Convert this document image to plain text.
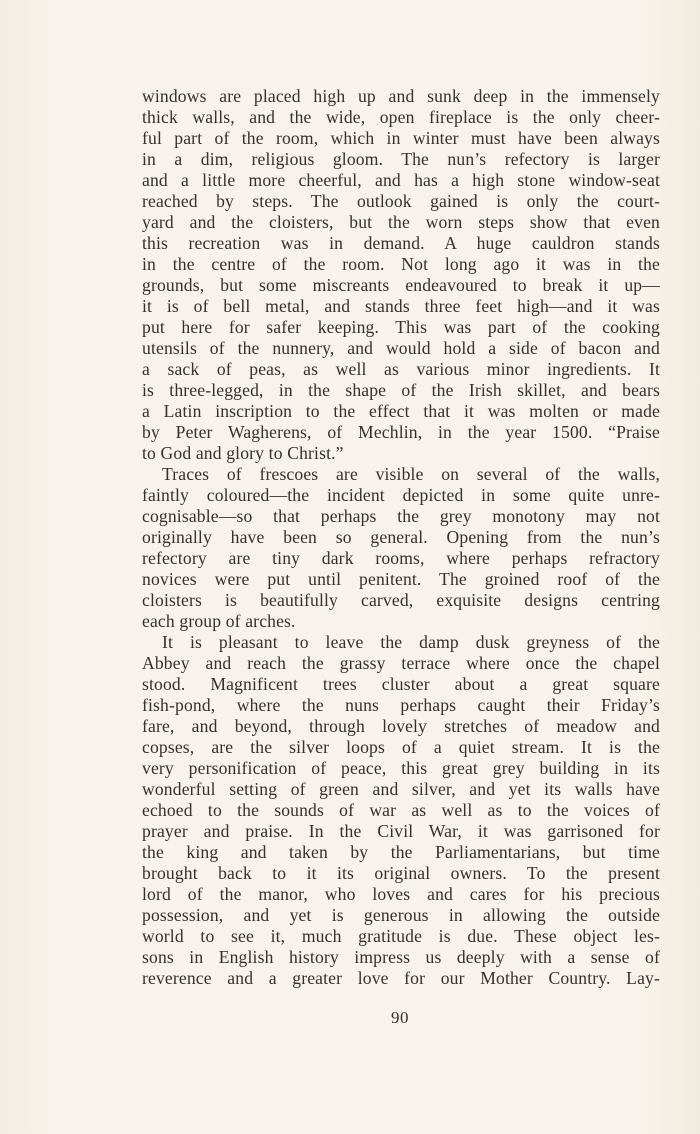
windows are placed high up and sunk deep in the immensely
thick walls, and the wide, open fireplace is the only cheer-
ful part of the room, which in winter must have been always
in a dim, religious gloom. The nun’s refectory is larger
and a little more cheerful, and has a high stone window-seat
reached by steps. The outlook gained is only the court-
yard and the cloisters, but the worn steps show that even
this recreation was in demand. A huge cauldron stands
in the centre of the room. Not long ago it was in the
grounds, but some miscreants endeavoured to break it up—
it is of bell metal, and stands three feet high—and it was
put here for safer keeping. This was part of the cooking
utensils of the nunnery, and would hold a side of bacon and
a sack of peas, as well as various minor ingredients. It
is three-legged, in the shape of the Irish skillet, and bears
a Latin inscription to the effect that it was molten or made
by Peter Wagherens, of Mechlin, in the year 1500. “Praise
to God and glory to Christ.”
Traces of frescoes are visible on several of the walls,
faintly coloured—the incident depicted in some quite unre-
cognisable—so that perhaps the grey monotony may not
originally have been so general. Opening from the nun’s
refectory are tiny dark rooms, where perhaps refractory
novices were put until penitent. The groined roof of the
cloisters is beautifully carved, exquisite designs centring
each group of arches.
It is pleasant to leave the damp dusk greyness of the
Abbey and reach the grassy terrace where once the chapel
stood. Magnificent trees cluster about a great square
fish-pond, where the nuns perhaps caught their Friday’s
fare, and beyond, through lovely stretches of meadow and
copses, are the silver loops of a quiet stream. It is the
very personification of peace, this great grey building in its
wonderful setting of green and silver, and yet its walls have
echoed to the sounds of war as well as to the voices of
prayer and praise. In the Civil War, it was garrisoned for
the king and taken by the Parliamentarians, but time
brought back to it its original owners. To the present
lord of the manor, who loves and cares for his precious
possession, and yet is generous in allowing the outside
world to see it, much gratitude is due. These object les-
sons in English history impress us deeply with a sense of
reverence and a greater love for our Mother Country. Lay-
90
